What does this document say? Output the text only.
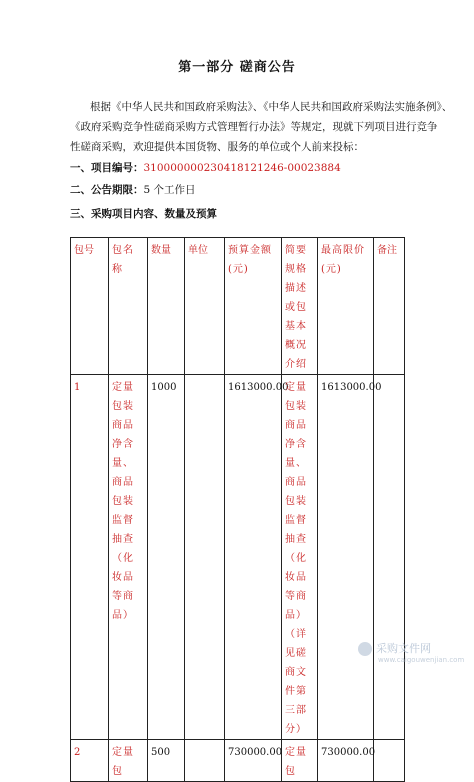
第一部分 磋商公告
根据《中华人民共和国政府采购法》、《中华人民共和国政府采购法实施条例》、
《政府采购竞争性磋商采购方式管理暂行办法》等规定，现就下列项目进行竞争
性磋商采购，欢迎提供本国货物、服务的单位或个人前来投标：
一、项目编号：310000000230418121246-00023884
二、公告期限：5 个工作日
三、采购项目内容、数量及预算
包号	包名称	数量	单位	预算金额(元)	简要规格描述或包基本概况介绍	最高限价(元)	备注
1	定量包装商品净含量、商品包装监督抽查（化妆品等商品）	1000		1613000.00	定量包装商品净含量、商品包装监督抽查（化妆品等商品）（详见磋商文件第三部分）	1613000.00	
2	定量包	500		730000.00	定量包	730000.00	
采购文件网
www.caigouwenjian.com
